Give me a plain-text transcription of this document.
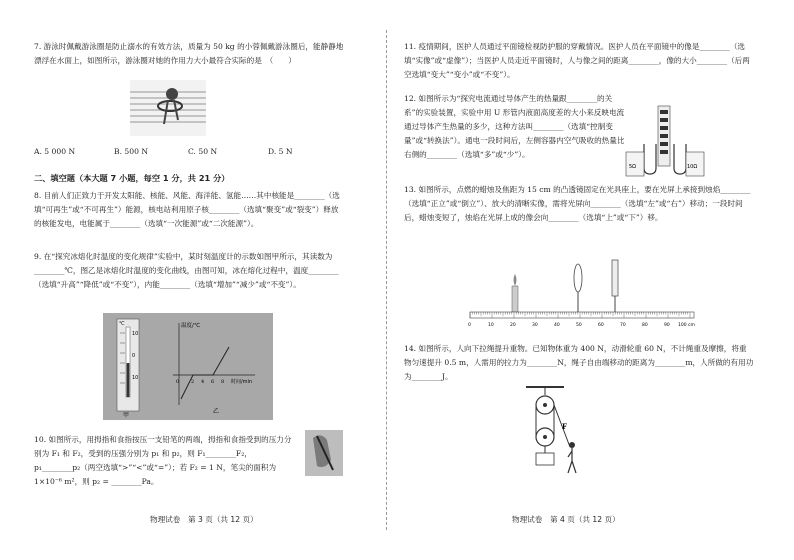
7. 游泳时佩戴游泳圈是防止溺水的有效方法，质量为 50 kg 的小蓉佩戴游泳圈后，能静静地漂浮在水面上，如图所示，游泳圈对她的作用力大小最符合实际的是　（　　）

A. 5 000 N	B. 500 N	C. 50 N	D. 5 N
二、填空题（本大题 7 小题，每空 1 分，共 21 分）

8. 目前人们正致力于开发太阳能、核能、风能、海洋能、氢能……其中核能是________（选填“可再生”或“不可再生”）能源，核电站利用原子核________（选填“聚变”或“裂变”）释放的核能发电，电能属于________（选填“一次能源”或“二次能源”）。

9. 在“探究冰熔化时温度的变化规律”实验中，某时刻温度计的示数如图甲所示，其读数为________℃，图乙是冰熔化时温度的变化曲线，由图可知，冰在熔化过程中，温度________（选填“升高”“降低”或“不变”），内能________（选填“增加”“减少”或“不变”）。

℃
10
0
10
甲
温度/℃
时间/min
0 2 4 6 8
乙

10. 如图所示，用拇指和食指按压一支铅笔的两端，拇指和食指受到的压力分别为 F₁ 和 F₂，受到的压强分别为 p₁ 和 p₂，则 F₁________F₂，p₁________p₂（两空选填“>”“<”或“=”）；若 F₂ = 1 N，笔尖的面积为 1×10⁻⁶ m²，则 p₂ = ________Pa。

物理试卷　第 3 页（共 12 页）

11. 疫情期间，医护人员通过平面镜检视防护服的穿戴情况。医护人员在平面镜中的像是________（选填“实像”或“虚像”）；当医护人员走近平面镜时，人与像之间的距离________，像的大小________（后两空选填“变大”“变小”或“不变”）。

12. 如图所示为“探究电流通过导体产生的热量跟________的关系”的实验装置，实验中用 U 形管内液面高度差的大小来反映电流通过导体产生热量的多少，这种方法叫________（选填“控制变量”或“转换法”）。通电一段时间后，左侧容器内空气吸收的热量比右侧的________（选填“多”或“少”）。

5Ω	10Ω

13. 如图所示，点燃的蜡烛及焦距为 15 cm 的凸透镜固定在光具座上，要在光屏上承接到烛焰________（选填“正立”或“倒立”）、放大的清晰实像，需将光屏向________（选填“左”或“右”）移动；一段时间后，蜡烛变短了，烛焰在光屏上成的像会向________（选填“上”或“下”）移。

0	10	20	30	40	50	60	70	80	90 100 cm

14. 如图所示，人向下拉绳提升重物。已知物体重为 400 N，动滑轮重 60 N，不计绳重及摩擦，将重物匀速提升 0.5 m，人需用的拉力为________N，绳子自由端移动的距离为________m，人所做的有用功为________J。

F
物理试卷　第 4 页（共 12 页）
